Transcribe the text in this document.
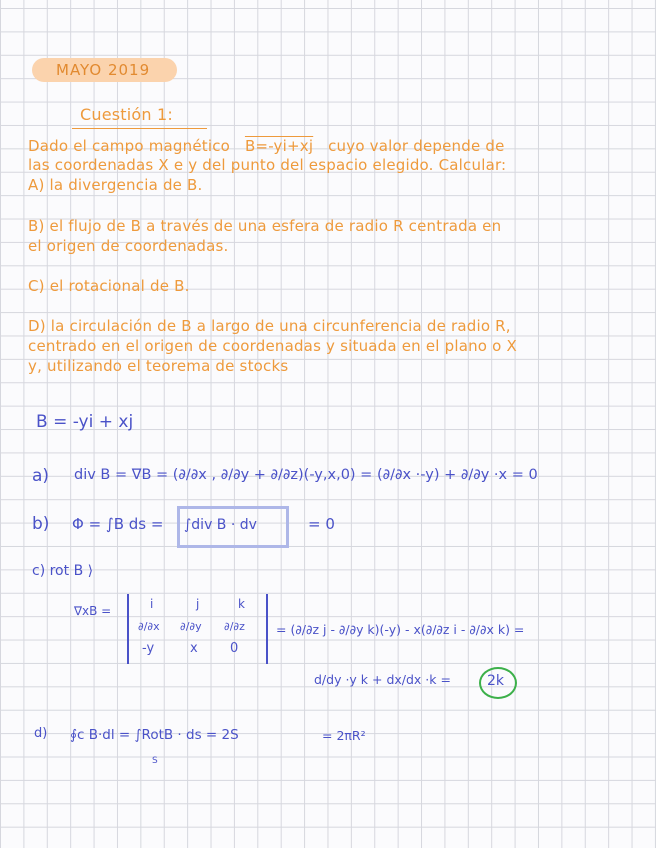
MAYO 2019
Cuestión 1:
Dado el campo magnético B=-yi+xj cuyo valor depende de
las coordenadas X e y del punto del espacio elegido. Calcular:
A) la divergencia de B.
B) el flujo de B a través de una esfera de radio R centrada en
el origen de coordenadas.
C) el rotacional de B.
D) la circulación de B a largo de una circunferencia de radio R,
centrado en el origen de coordenadas y situada en el plano o X
y, utilizando el teorema de stocks
B = -yi + xj
a) div B = ∇B = (∂/∂x , ∂/∂y + ∂/∂z)(-y,x,0) = (∂/∂x ·-y) + ∂/∂y ·x = 0
b) Φ = ∫B ds = ∫div B · dv	= 0
c) rot B ⟩
∇xB =	i	j	k
∂/∂x ∂/∂y ∂/∂z
-y	x 0
= (∂/∂z j - ∂/∂y k)(-y) - x(∂/∂z i - ∂/∂x k) =
d/dy ·y k + dx/dx ·k =	2k
d) ∮c B·dl = ∫RotB · ds = 2S
S
= 2πR²
